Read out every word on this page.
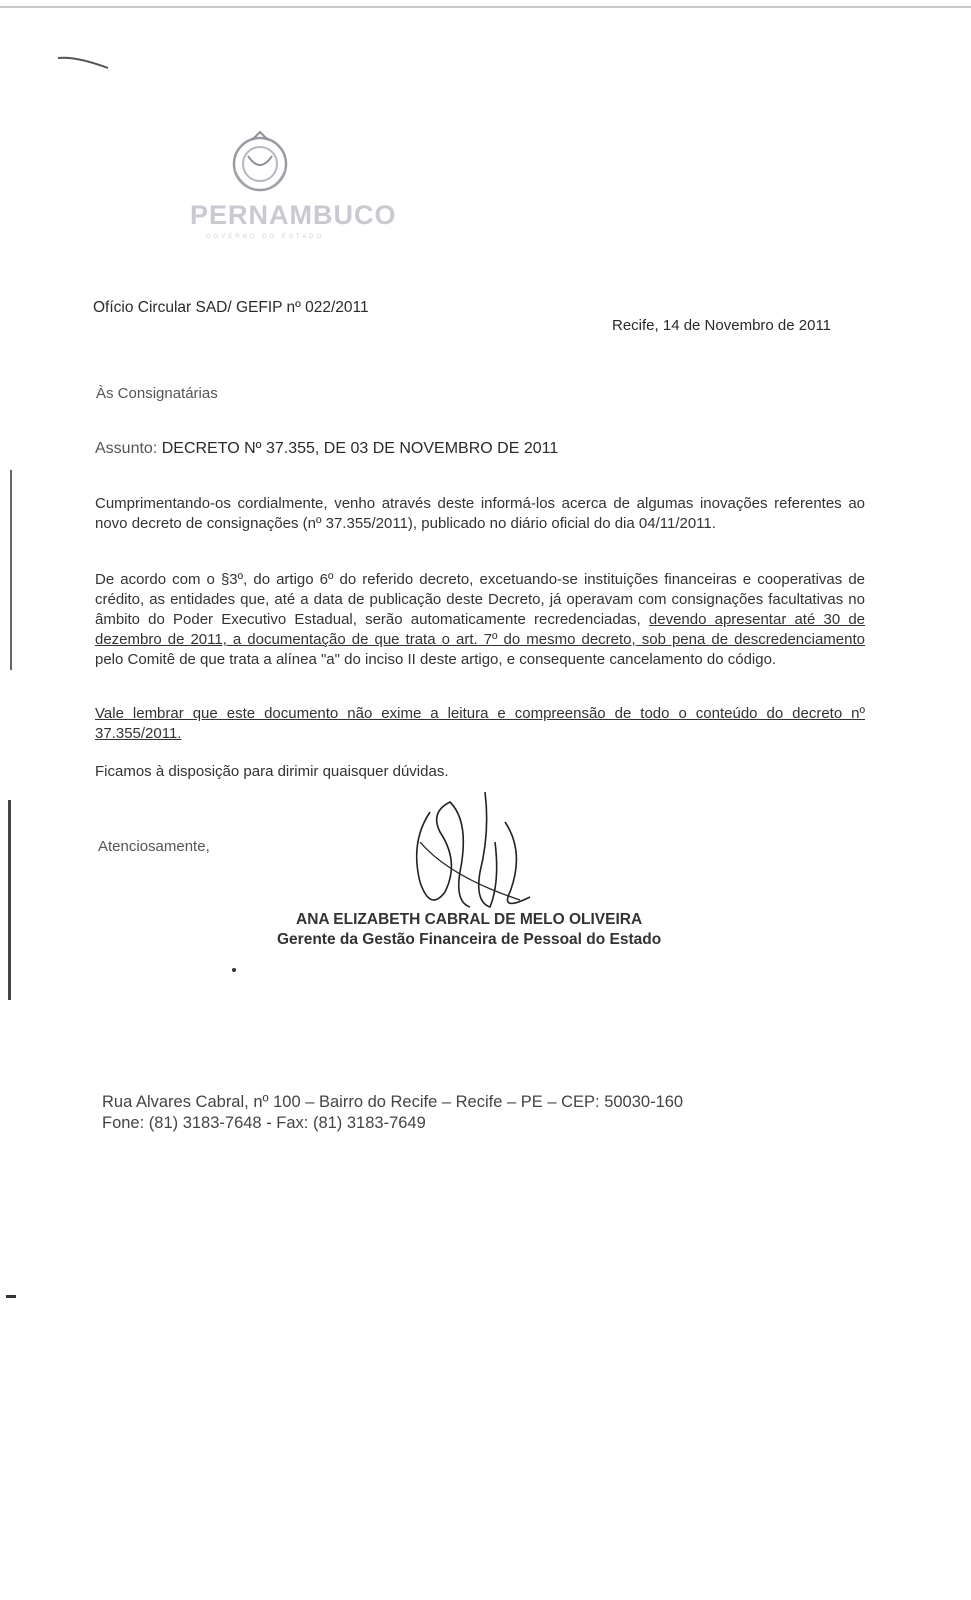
PERNAMBUCO
GOVERNO DO ESTADO
Ofício Circular SAD/ GEFIP nº 022/2011
Recife, 14 de Novembro de 2011
Às Consignatárias
Assunto: DECRETO Nº 37.355, DE 03 DE NOVEMBRO DE 2011
Cumprimentando-os cordialmente, venho através deste informá-los acerca de algumas inovações referentes ao novo decreto de consignações (nº 37.355/2011), publicado no diário oficial do dia 04/11/2011.
De acordo com o §3º, do artigo 6º do referido decreto, excetuando-se instituições financeiras e cooperativas de crédito, as entidades que, até a data de publicação deste Decreto, já operavam com consignações facultativas no âmbito do Poder Executivo Estadual, serão automaticamente recredenciadas, devendo apresentar até 30 de dezembro de 2011, a documentação de que trata o art. 7º do mesmo decreto, sob pena de descredenciamento pelo Comitê de que trata a alínea "a" do inciso II deste artigo, e consequente cancelamento do código.
Vale lembrar que este documento não exime a leitura e compreensão de todo o conteúdo do decreto nº 37.355/2011.
Ficamos à disposição para dirimir quaisquer dúvidas.
Atenciosamente,
ANA ELIZABETH CABRAL DE MELO OLIVEIRA
Gerente da Gestão Financeira de Pessoal do Estado
Rua Alvares Cabral, nº 100 – Bairro do Recife – Recife – PE – CEP: 50030-160
Fone: (81) 3183-7648 - Fax: (81) 3183-7649
